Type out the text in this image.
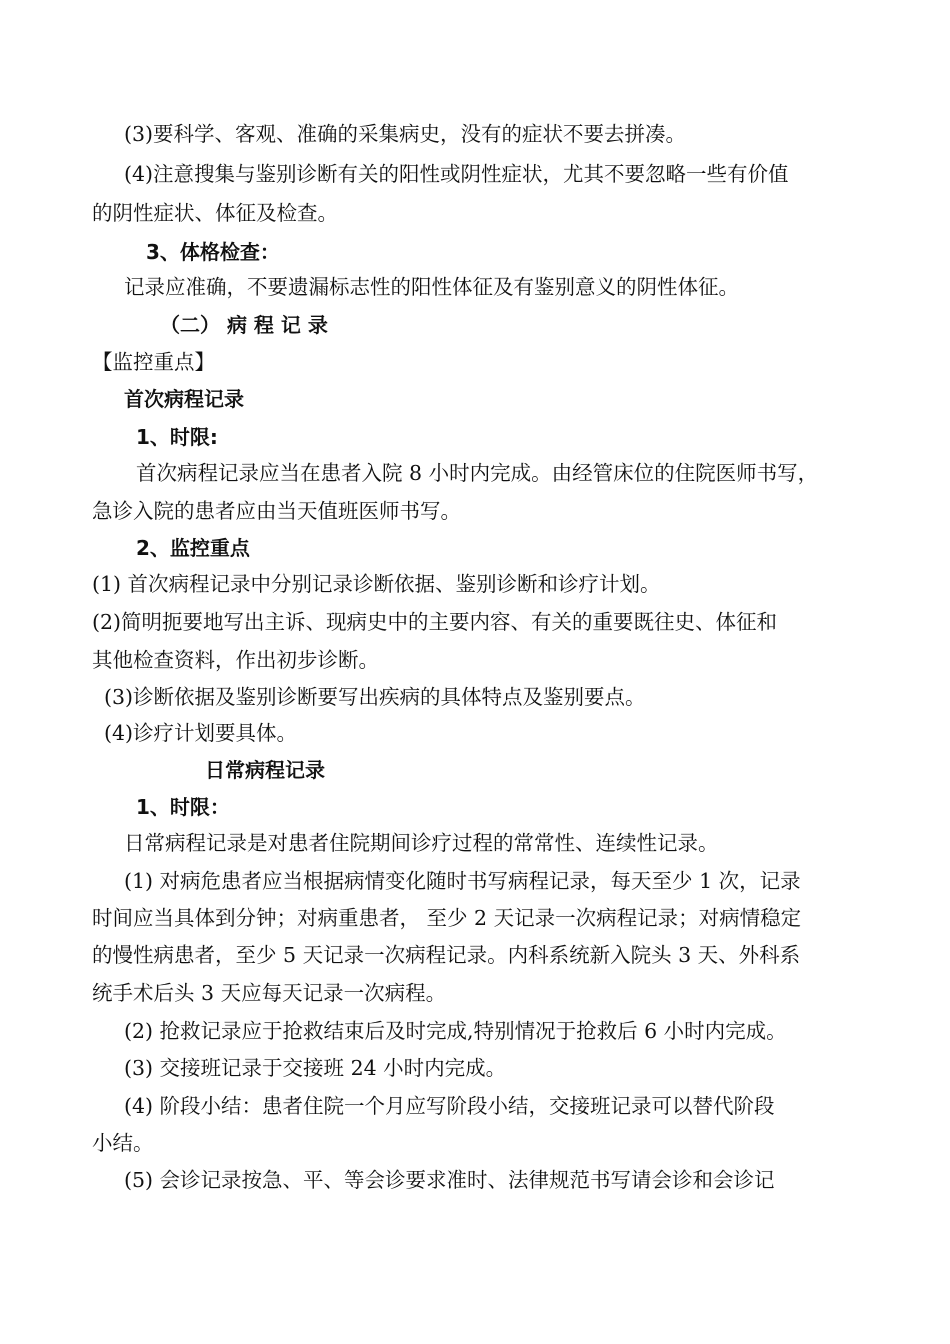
(3)要科学、客观、准确的采集病史，没有的症状不要去拼凑。
(4)注意搜集与鉴别诊断有关的阳性或阴性症状，尤其不要忽略一些有价值
的阴性症状、体征及检查。
3、体格检查：
记录应准确，不要遗漏标志性的阳性体征及有鉴别意义的阴性体征。
（二） 病 程 记 录
【监控重点】
首次病程记录
1、时限:
首次病程记录应当在患者入院 8 小时内完成。由经管床位的住院医师书写，
急诊入院的患者应由当天值班医师书写。
2、监控重点
(1) 首次病程记录中分别记录诊断依据、鉴别诊断和诊疗计划。
(2)简明扼要地写出主诉、现病史中的主要内容、有关的重要既往史、体征和
其他检查资料，作出初步诊断。
(3)诊断依据及鉴别诊断要写出疾病的具体特点及鉴别要点。
(4)诊疗计划要具体。
日常病程记录
1、时限：
日常病程记录是对患者住院期间诊疗过程的常常性、连续性记录。
(1) 对病危患者应当根据病情变化随时书写病程记录，每天至少 1 次，记录
时间应当具体到分钟；对病重患者， 至少 2 天记录一次病程记录；对病情稳定
的慢性病患者，至少 5 天记录一次病程记录。内科系统新入院头 3 天、外科系
统手术后头 3 天应每天记录一次病程。
(2) 抢救记录应于抢救结束后及时完成,特别情况于抢救后 6 小时内完成。
(3) 交接班记录于交接班 24 小时内完成。
(4) 阶段小结：患者住院一个月应写阶段小结，交接班记录可以替代阶段
小结。
(5) 会诊记录按急、平、等会诊要求准时、法律规范书写请会诊和会诊记
